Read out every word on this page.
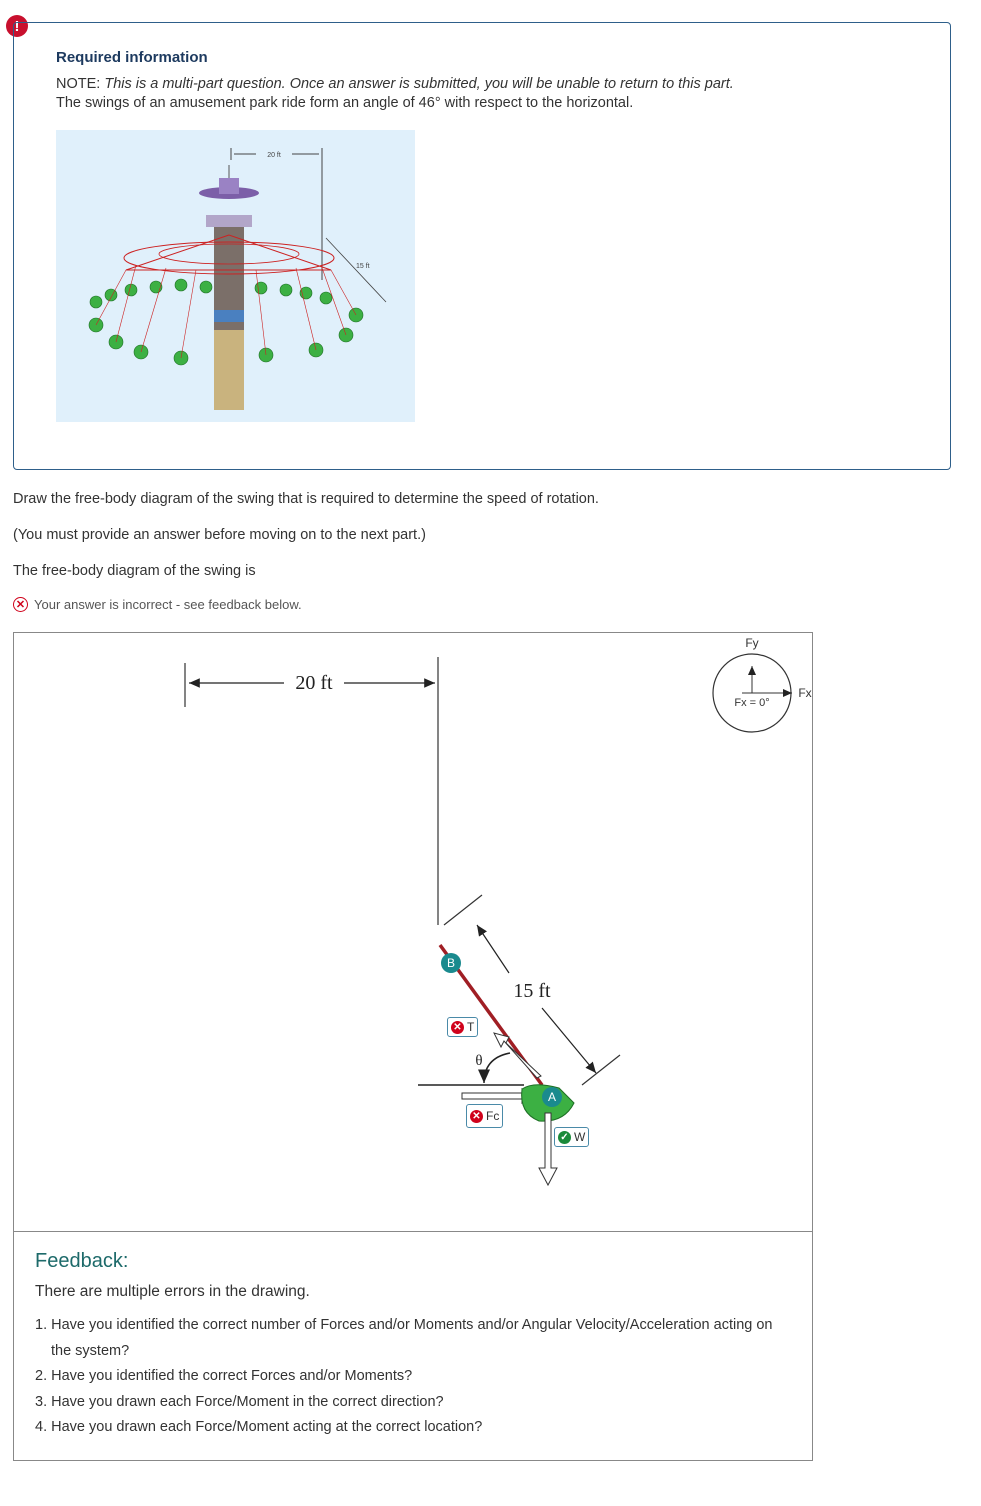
!
Required information
NOTE: This is a multi-part question. Once an answer is submitted, you will be unable to return to this part.
The swings of an amusement park ride form an angle of 46° with respect to the horizontal.
20 ft
15 ft
Draw the free-body diagram of the swing that is required to determine the speed of rotation.
(You must provide an answer before moving on to the next part.)
The free-body diagram of the swing is
✕ Your answer is incorrect - see feedback below.
20 ft
15 ft
θ
Fy
Fx
Fx = 0°
B
A
✕ T
✕ Fc
✓ W
Feedback:
There are multiple errors in the drawing.
1. Have you identified the correct number of Forces and/or Moments and/or Angular Velocity/Acceleration acting on the system?
2. Have you identified the correct Forces and/or Moments?
3. Have you drawn each Force/Moment in the correct direction?
4. Have you drawn each Force/Moment acting at the correct location?
